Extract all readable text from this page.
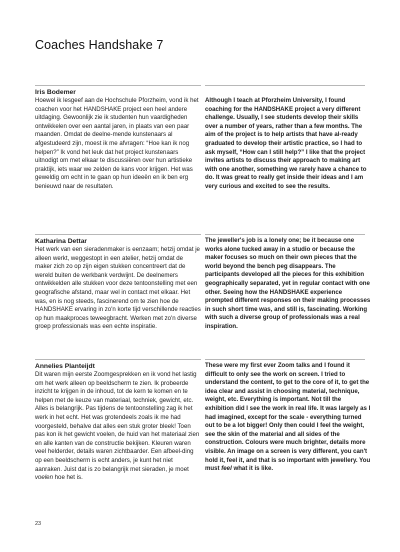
Coaches Handshake 7

Iris Bodemer

Hoewel ik lesgeef aan de Hochschule Pforzheim, vond ik het coachen voor het HANDSHAKE project een heel andere uitdaging. Gewoonlijk zie ik studenten hun vaardigheden ontwikkelen over een aantal jaren, in plaats van een paar maanden. Omdat de deelne-mende kunstenaars al afgestudeerd zijn, moest ik me afvragen: “Hoe kan ik nog helpen?” Ik vond het leuk dat het project kunstenaars uitnodigt om met elkaar te discussiëren over hun artistieke praktijk, iets waar we zelden de kans voor krijgen. Het was geweldig om echt in te gaan op hun ideeën en ik ben erg benieuwd naar de resultaten.

Although I teach at Pforzheim University, I found coaching for the HANDSHAKE project a very different challenge. Usually, I see students develop their skills over a number of years, rather than a few months. The aim of the project is to help artists that have al-ready graduated to develop their artistic practice, so I had to ask myself, “How can I still help?” I like that the project invites artists to discuss their approach to making art with one another, something we rarely have a chance to do. It was great to really get inside their ideas and I am very curious and excited to see the results.

Katharina Dettar

Het werk van een sieradenmaker is eenzaam; hetzij omdat je alleen werkt, weggestopt in een atelier, hetzij omdat de maker zich zo op zijn eigen stukken concentreert dat de wereld buiten de werkbank verdwijnt. De deelnemers ontwikkelden alle stukken voor deze tentoonstelling met een geografische afstand, maar wel in contact met elkaar. Het was, en is nog steeds, fascinerend om te zien hoe de HANDSHAKE ervaring in zo'n korte tijd verschillende reacties op hun maakproces teweegbracht. Werken met zo'n diverse groep professionals was een echte inspiratie.

The jeweller's job is a lonely one; be it because one works alone tucked away in a studio or because the maker focuses so much on their own pieces that the world beyond the bench peg disappears. The participants developed all the pieces for this exhibition geographically separated, yet in regular contact with one other. Seeing how the HANDSHAKE experience prompted different responses on their making processes in such short time was, and still is, fascinating. Working with such a diverse group of professionals was a real inspiration.

Annelies Planteijdt

Dit waren mijn eerste Zoomgesprekken en ik vond het lastig om het werk alleen op beeldscherm te zien. Ik probeerde inzicht te krijgen in de inhoud, tot de kern te komen en te helpen met de keuze van materiaal, techniek, gewicht, etc. Alles is belangrijk. Pas tijdens de tentoonstelling zag ik het werk in het echt. Het was grotendeels zoals ik me had voorgesteld, behalve dat alles een stuk groter bleek! Toen pas kon ik het gewicht voelen, de huid van het materiaal zien en alle kanten van de constructie bekijken. Kleuren waren veel helderder, details waren zichtbaarder. Een afbeel-ding op een beeldscherm is echt anders, je kunt het niet aanraken. Juist dat is zo belangrijk met sieraden, je moet voelen hoe het is.

These were my first ever Zoom talks and I found it difficult to only see the work on screen. I tried to understand the content, to get to the core of it, to get the idea clear and assist in choosing material, technique, weight, etc. Everything is important. Not till the exhibition did I see the work in real life. It was largely as I had imagined, except for the scale - everything turned out to be a lot bigger! Only then could I feel the weight, see the skin of the material and all sides of the construction. Colours were much brighter, details more visible. An image on a screen is very different, you can't hold it, feel it, and that is so important with jewellery. You must feel what it is like.

23
